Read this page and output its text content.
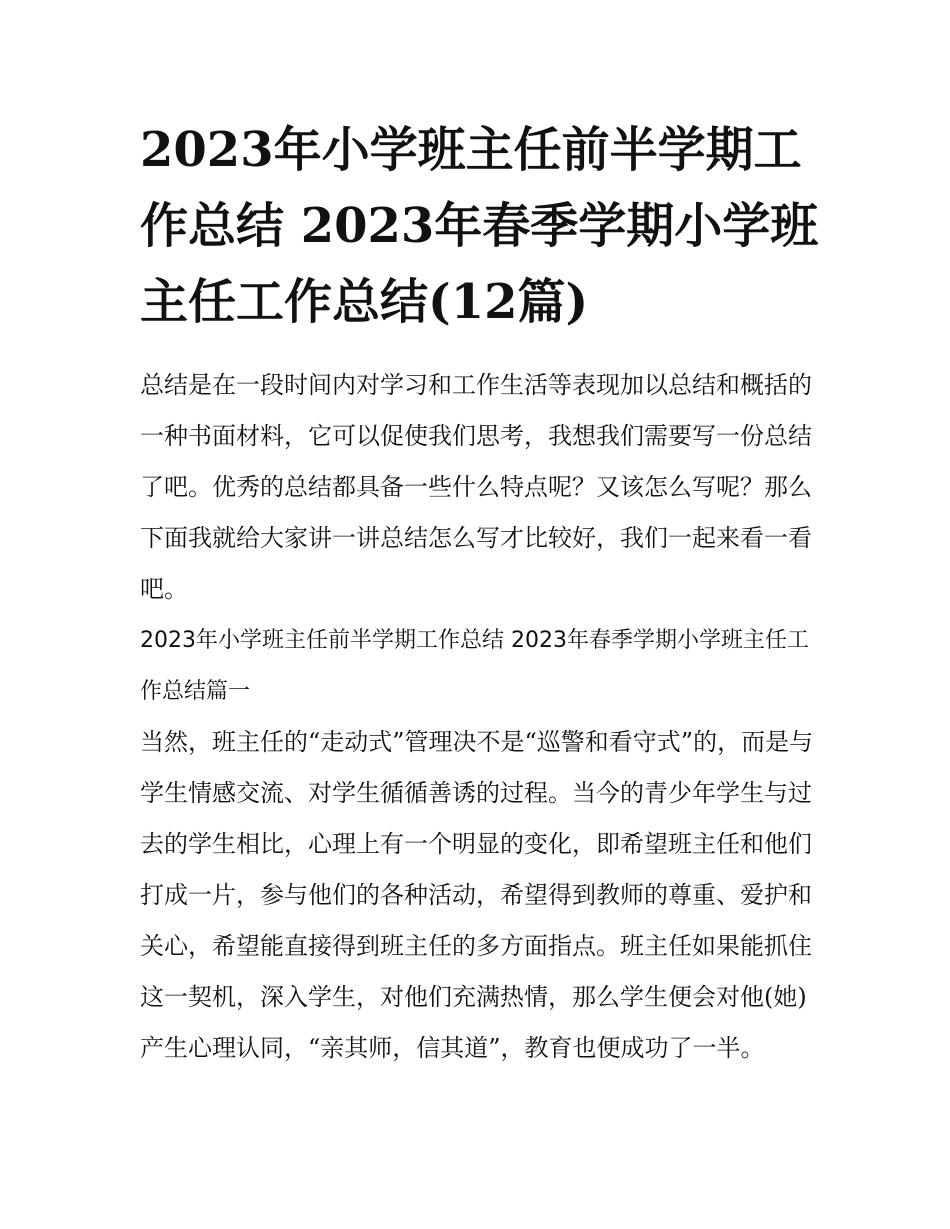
2023年小学班主任前半学期工作总结 2023年春季学期小学班主任工作总结(12篇)

总结是在一段时间内对学习和工作生活等表现加以总结和概括的一种书面材料，它可以促使我们思考，我想我们需要写一份总结了吧。优秀的总结都具备一些什么特点呢？又该怎么写呢？那么下面我就给大家讲一讲总结怎么写才比较好，我们一起来看一看吧。

2023年小学班主任前半学期工作总结 2023年春季学期小学班主任工作总结篇一

当然，班主任的“走动式”管理决不是“巡警和看守式”的，而是与学生情感交流、对学生循循善诱的过程。当今的青少年学生与过去的学生相比，心理上有一个明显的变化，即希望班主任和他们打成一片，参与他们的各种活动，希望得到教师的尊重、爱护和关心，希望能直接得到班主任的多方面指点。班主任如果能抓住这一契机，深入学生，对他们充满热情，那么学生便会对他(她)产生心理认同，“亲其师，信其道”，教育也便成功了一半。
